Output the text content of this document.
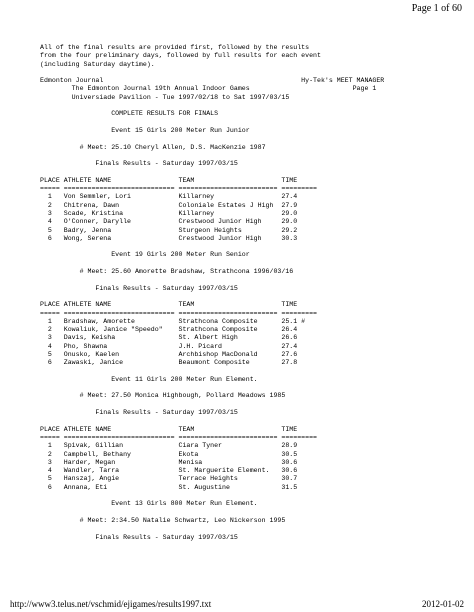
Page 1 of 60
All of the final results are provided first, followed by the results
from the four preliminary days, followed by full results for each event
(including Saturday daytime).
Edmonton Journal                                                  Hy-Tek's MEET MANAGER
The Edmonton Journal 19th Annual Indoor Games                          Page 1
Universiade Pavilion - Tue 1997/02/18 to Sat 1997/03/15
COMPLETE RESULTS FOR FINALS
Event 15 Girls 200 Meter Run Junior
# Meet: 25.10 Cheryl Allen, D.S. MacKenzie 1987
Finals Results - Saturday 1997/03/15
PLACE ATHLETE NAME                 TEAM                      TIME
===== ============================ ========================= =========
1   Von Semmler, Lori            Killarney                 27.4
2   Chitrena, Dawn               Coloniale Estates J High  27.9
3   Scade, Kristina              Killarney                 29.0
4   O'Conner, Darylle            Crestwood Junior High     29.0
5   Badry, Jenna                 Sturgeon Heights          29.2
6   Wong, Serena                 Crestwood Junior High     30.3
Event 19 Girls 200 Meter Run Senior
# Meet: 25.60 Amorette Bradshaw, Strathcona 1996/03/16
Finals Results - Saturday 1997/03/15
PLACE ATHLETE NAME                 TEAM                      TIME
===== ============================ ========================= =========
1   Bradshaw, Amorette           Strathcona Composite      25.1 #
2   Kowaliuk, Janice "Speedo"    Strathcona Composite      26.4
3   Davis, Keisha                St. Albert High           26.6
4   Pho, Shawna                  J.H. Picard               27.4
5   Onusko, Kaelen               Archbishop MacDonald      27.6
6   Zawaski, Janice              Beaumont Composite        27.8
Event 11 Girls 200 Meter Run Element.
# Meet: 27.50 Monica Highbough, Pollard Meadows 1985
Finals Results - Saturday 1997/03/15
PLACE ATHLETE NAME                 TEAM                      TIME
===== ============================ ========================= =========
1   Spivak, Gillian              Ciara Tyner               28.9
2   Campbell, Bethany            Ekota                     30.5
3   Harder, Megan                Menisa                    30.6
4   Wandler, Tarra               St. Marguerite Element.   30.6
5   Hanszaj, Angie               Terrace Heights           30.7
6   Annana, Eti                  St. Augustine             31.5
Event 13 Girls 800 Meter Run Element.
# Meet: 2:34.50 Natalie Schwartz, Leo Nickerson 1995
Finals Results - Saturday 1997/03/15
http://www3.telus.net/vschmid/ejigames/results1997.txt	2012-01-02
